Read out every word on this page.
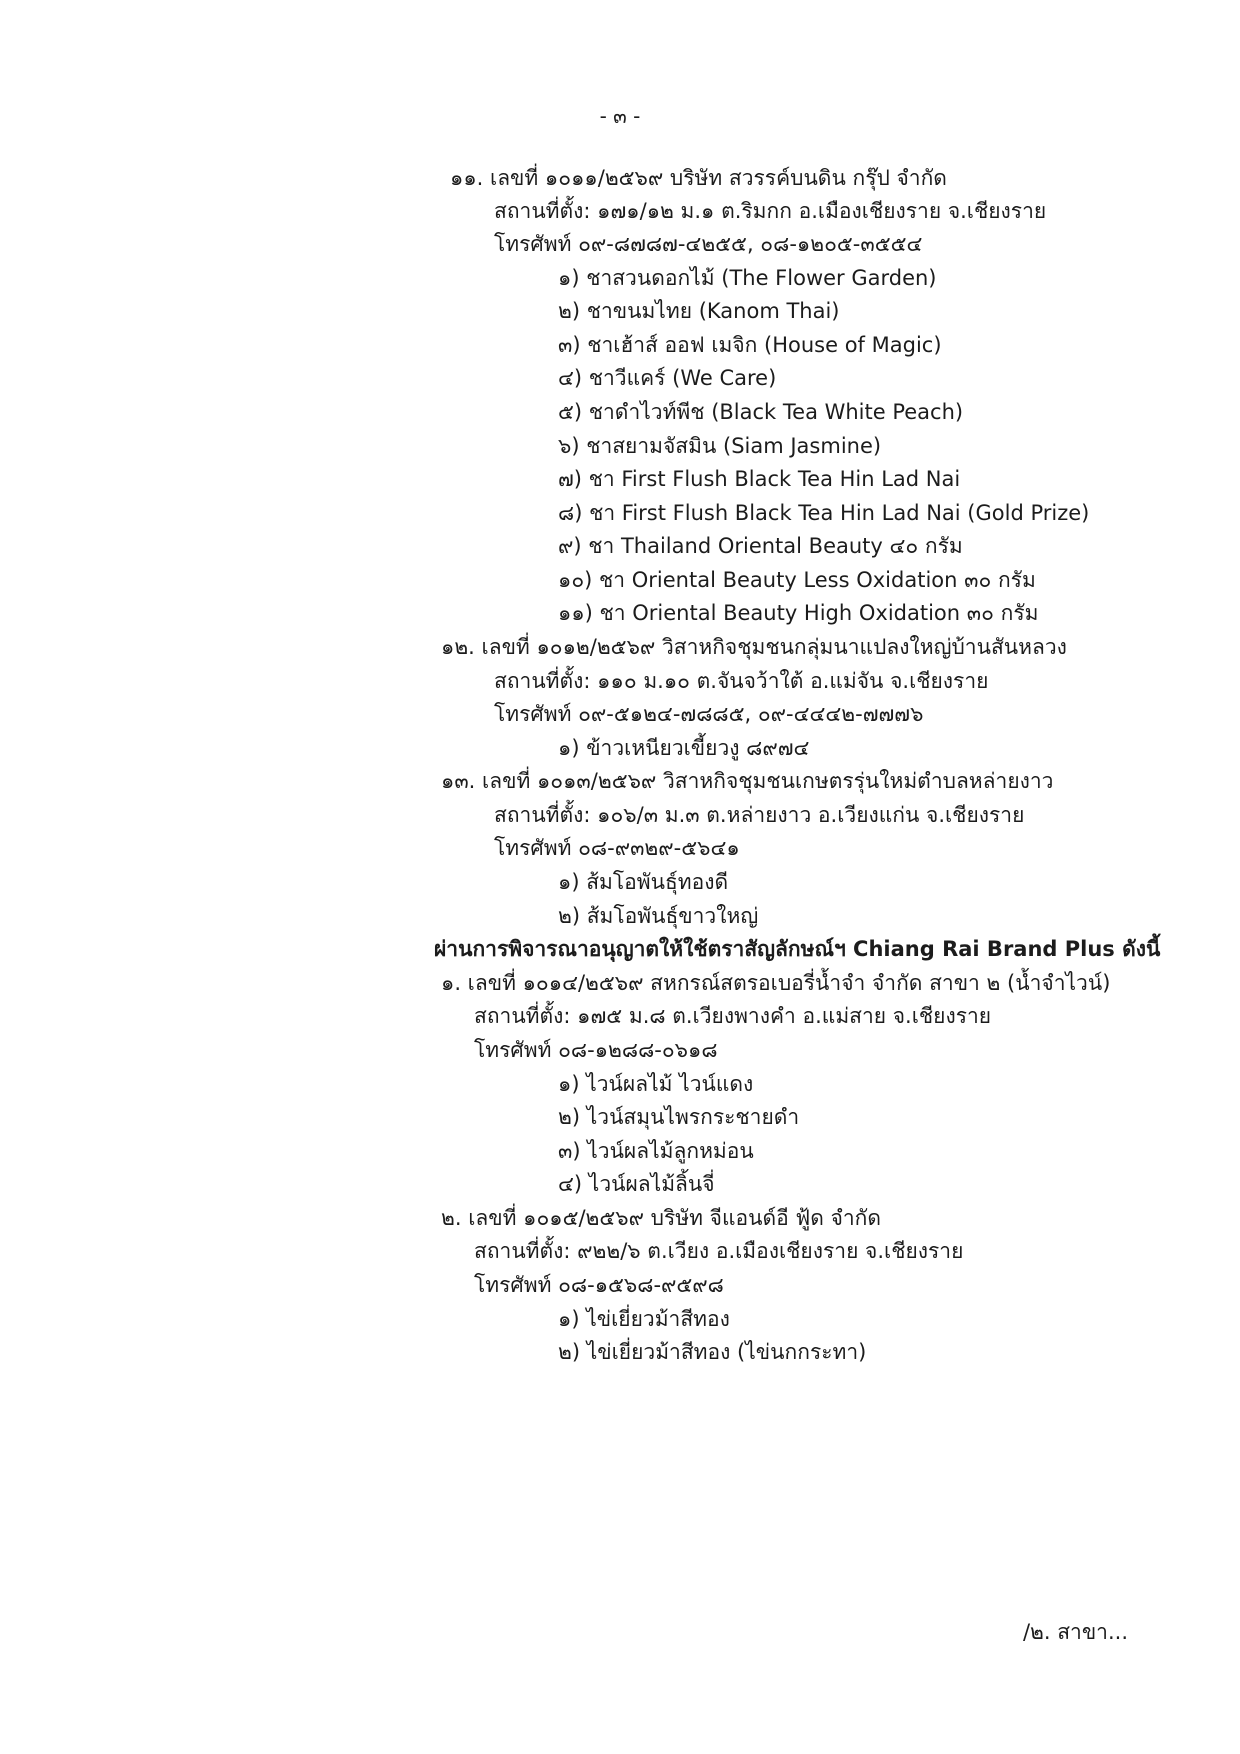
- ๓ -
๑๑. เลขที่ ๑๐๑๑/๒๕๖๙ บริษัท สวรรค์บนดิน กรุ๊ป จำกัด
สถานที่ตั้ง: ๑๗๑/๑๒ ม.๑ ต.ริมกก อ.เมืองเชียงราย จ.เชียงราย
โทรศัพท์ ๐๙-๘๗๘๗-๔๒๕๕, ๐๘-๑๒๐๕-๓๕๕๔
๑) ชาสวนดอกไม้ (The Flower Garden)
๒) ชาขนมไทย (Kanom Thai)
๓) ชาเฮ้าส์ ออฟ เมจิก (House of Magic)
๔) ชาวีแคร์ (We Care)
๕) ชาดำไวท์พีช (Black Tea White Peach)
๖) ชาสยามจัสมิน (Siam Jasmine)
๗) ชา First Flush Black Tea Hin Lad Nai
๘) ชา First Flush Black Tea Hin Lad Nai (Gold Prize)
๙) ชา Thailand Oriental Beauty ๔๐ กรัม
๑๐) ชา Oriental Beauty Less Oxidation ๓๐ กรัม
๑๑) ชา Oriental Beauty High Oxidation ๓๐ กรัม
๑๒. เลขที่ ๑๐๑๒/๒๕๖๙ วิสาหกิจชุมชนกลุ่มนาแปลงใหญ่บ้านสันหลวง
สถานที่ตั้ง: ๑๑๐ ม.๑๐ ต.จันจว้าใต้ อ.แม่จัน จ.เชียงราย
โทรศัพท์ ๐๙-๕๑๒๔-๗๘๘๕, ๐๙-๔๔๔๒-๗๗๗๖
๑) ข้าวเหนียวเขี้ยวงู ๘๙๗๔
๑๓. เลขที่ ๑๐๑๓/๒๕๖๙ วิสาหกิจชุมชนเกษตรรุ่นใหม่ตำบลหล่ายงาว
สถานที่ตั้ง: ๑๐๖/๓ ม.๓ ต.หล่ายงาว อ.เวียงแก่น จ.เชียงราย
โทรศัพท์ ๐๘-๙๓๒๙-๕๖๔๑
๑) ส้มโอพันธุ์ทองดี
๒) ส้มโอพันธุ์ขาวใหญ่
ผ่านการพิจารณาอนุญาตให้ใช้ตราสัญลักษณ์ฯ Chiang Rai Brand Plus ดังนี้
๑. เลขที่ ๑๐๑๔/๒๕๖๙ สหกรณ์สตรอเบอรี่น้ำจำ จำกัด สาขา ๒ (น้ำจำไวน์)
สถานที่ตั้ง: ๑๗๕ ม.๘ ต.เวียงพางคำ อ.แม่สาย จ.เชียงราย
โทรศัพท์ ๐๘-๑๒๘๘-๐๖๑๘
๑) ไวน์ผลไม้ ไวน์แดง
๒) ไวน์สมุนไพรกระชายดำ
๓) ไวน์ผลไม้ลูกหม่อน
๔) ไวน์ผลไม้ลิ้นจี่
๒. เลขที่ ๑๐๑๕/๒๕๖๙ บริษัท จีแอนด์อี ฟู้ด จำกัด
สถานที่ตั้ง: ๙๒๒/๖ ต.เวียง อ.เมืองเชียงราย จ.เชียงราย
โทรศัพท์ ๐๘-๑๕๖๘-๙๕๙๘
๑) ไข่เยี่ยวม้าสีทอง
๒) ไข่เยี่ยวม้าสีทอง (ไข่นกกระทา)
/๒. สาขา...
